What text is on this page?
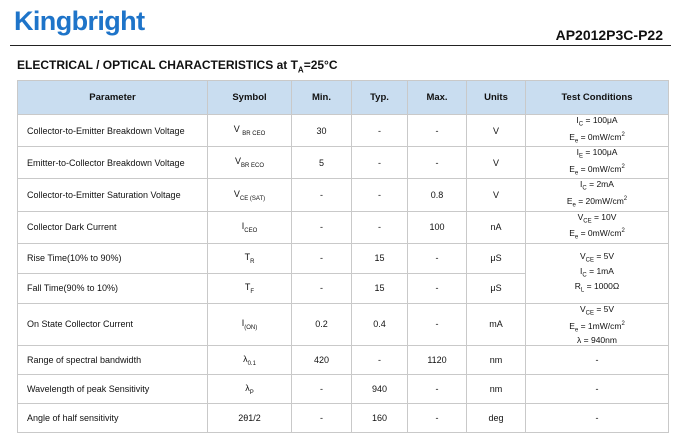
Kingbright	AP2012P3C-P22
ELECTRICAL / OPTICAL CHARACTERISTICS at $T_A=25^\circ C$
Parameter	Symbol	Min.	Typ.	Max.	Units	Test Conditions
Collector-to-Emitter Breakdown Voltage	V $_{BR CEO}$	30	-	-	V	$I_C = 100\mu A$
$E_e = 0mW/cm^2$

Emitter-to-Collector Breakdown Voltage	$V_{BR ECO}$	5	-	-	V	$I_E = 100\mu A$
$E_e = 0mW/cm^2$

Collector-to-Emitter Saturation Voltage	$V_{CE (SAT)}$	-	-	0.8	V	$I_C = 2mA$
$E_e = 20mW/cm^2$

Collector Dark Current	$I_{CEO}$	-	-	100	nA	$V_{CE} = 10V$
$E_e = 0mW/cm^2$

Rise Time(10% to 90%)	$T_R$	-	15	-	μS	$V_{CE} = 5V$
$I_C = 1mA$
$R_L = 1000\Omega$

Fall Time(90% to 10%)	$T_F$	-	15	-	μS	
On State Collector Current	$I_{(ON)}$	0.2	0.4	-	mA	$V_{CE} = 5V$
$E_e = 1mW/cm^2$
λ = 940nm

Range of spectral bandwidth	$\lambda_{0.1}$	420	-	1120	nm	-
Wavelength of peak Sensitivity	$\lambda_P$	-	940	-	nm	-
Angle of half sensitivity	2θ1/2	-	160	-	deg	-
